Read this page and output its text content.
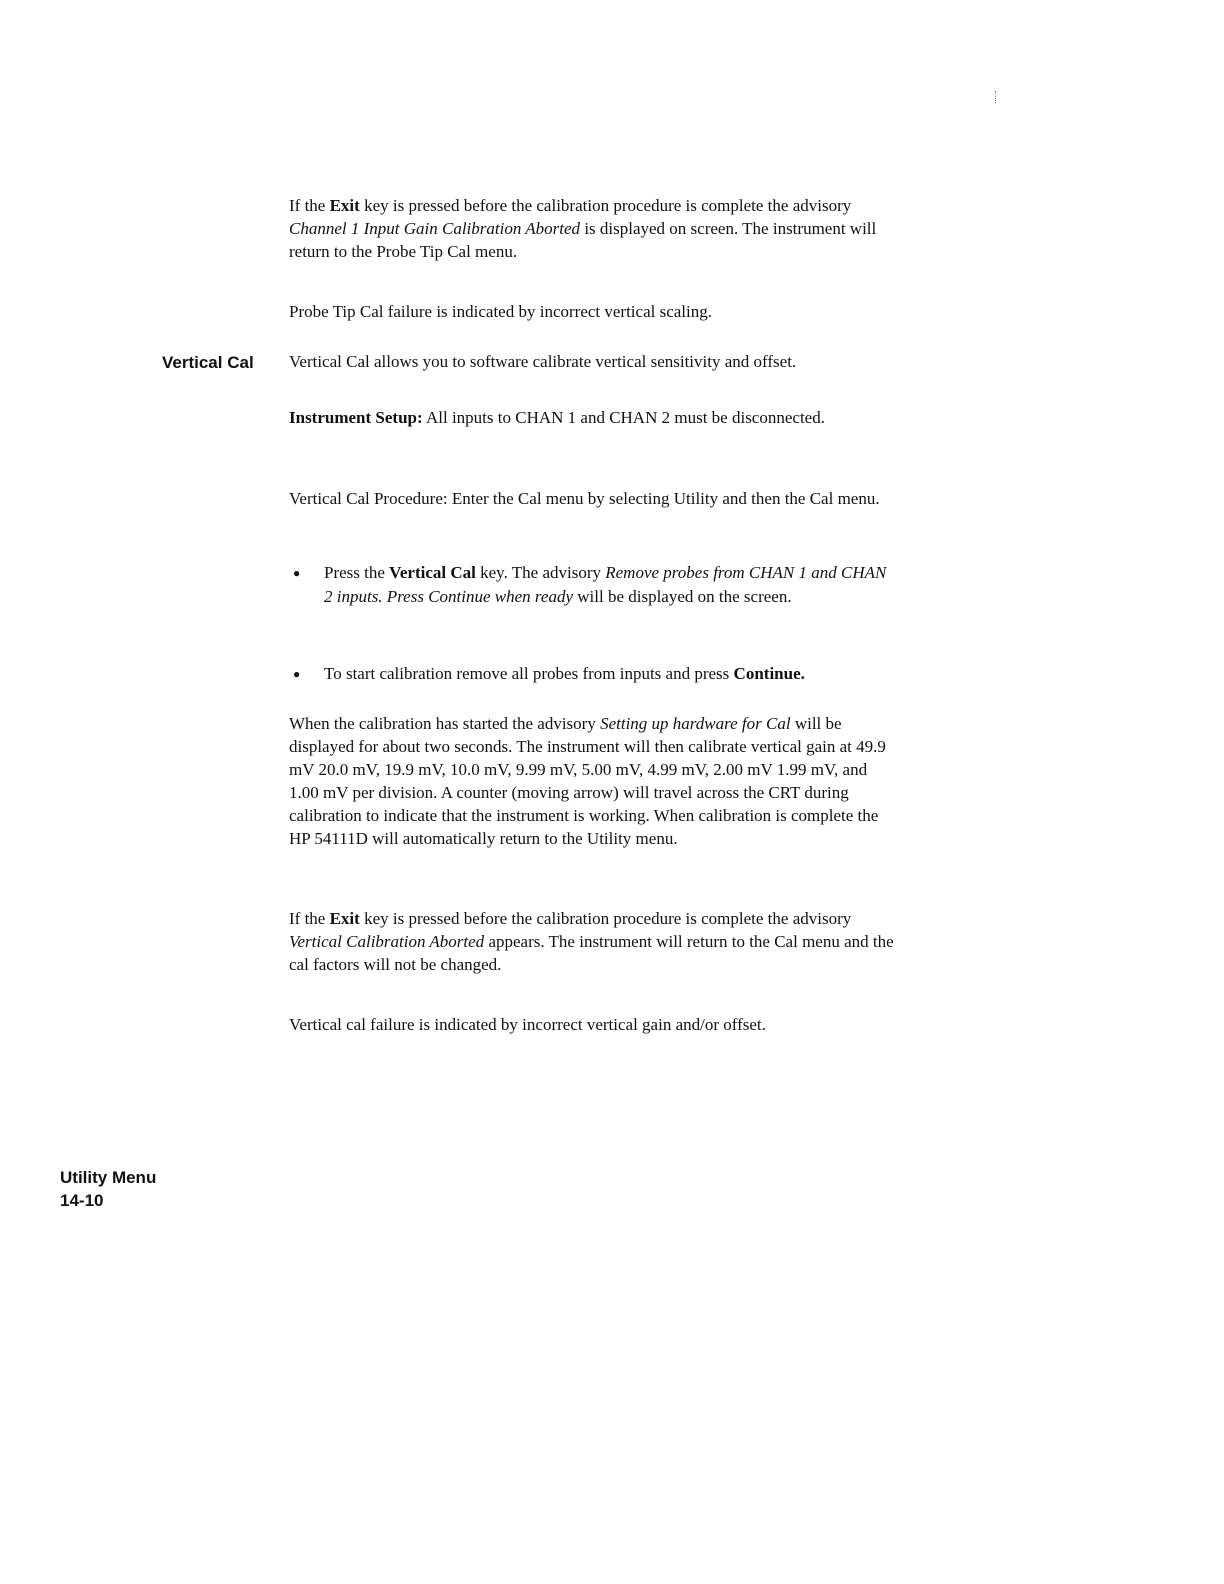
If the Exit key is pressed before the calibration procedure is complete the advisory Channel 1 Input Gain Calibration Aborted is displayed on screen. The instrument will return to the Probe Tip Cal menu.

Probe Tip Cal failure is indicated by incorrect vertical scaling.

Vertical Cal Vertical Cal allows you to software calibrate vertical sensitivity and offset.

Instrument Setup: All inputs to CHAN 1 and CHAN 2 must be disconnected.

Vertical Cal Procedure: Enter the Cal menu by selecting Utility and then the Cal menu.

● Press the Vertical Cal key. The advisory Remove probes from CHAN 1 and CHAN 2 inputs. Press Continue when ready will be displayed on the screen.
● To start calibration remove all probes from inputs and press Continue.

When the calibration has started the advisory Setting up hardware for Cal will be displayed for about two seconds. The instrument will then calibrate vertical gain at 49.9 mV 20.0 mV, 19.9 mV, 10.0 mV, 9.99 mV, 5.00 mV, 4.99 mV, 2.00 mV 1.99 mV, and 1.00 mV per division. A counter (moving arrow) will travel across the CRT during calibration to indicate that the instrument is working. When calibration is complete the HP 54111D will automatically return to the Utility menu.

If the Exit key is pressed before the calibration procedure is complete the advisory Vertical Calibration Aborted appears. The instrument will return to the Cal menu and the cal factors will not be changed.

Vertical cal failure is indicated by incorrect vertical gain and/or offset.

Utility Menu
14-10
